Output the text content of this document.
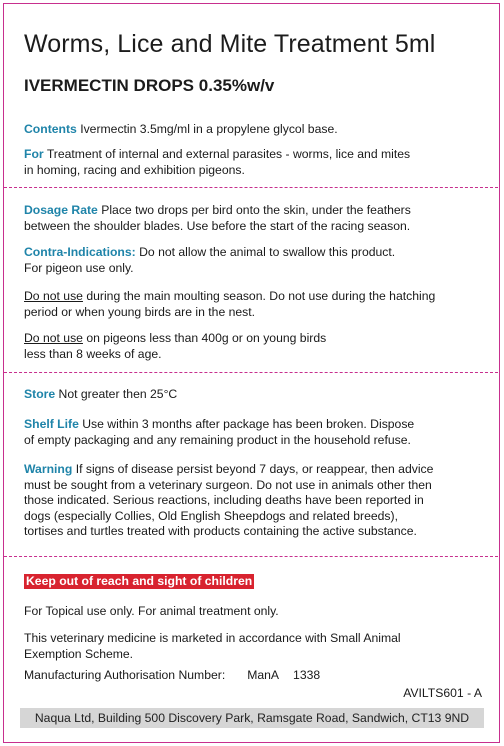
Worms, Lice and Mite Treatment 5ml
IVERMECTIN DROPS 0.35%w/v
Contents Ivermectin 3.5mg/ml in a propylene glycol base.
For Treatment of internal and external parasites - worms, lice and mites
in homing, racing and exhibition pigeons.
Dosage Rate Place two drops per bird onto the skin, under the feathers
between the shoulder blades. Use before the start of the racing season.
Contra-Indications: Do not allow the animal to swallow this product.
For pigeon use only.
Do not use during the main moulting season. Do not use during the hatching
period or when young birds are in the nest.
Do not use on pigeons less than 400g or on young birds
less than 8 weeks of age.
Store Not greater then 25°C
Shelf Life Use within 3 months after package has been broken. Dispose
of empty packaging and any remaining product in the household refuse.
Warning If signs of disease persist beyond 7 days, or reappear, then advice
must be sought from a veterinary surgeon. Do not use in animals other then
those indicated. Serious reactions, including deaths have been reported in
dogs (especially Collies, Old English Sheepdogs and related breeds),
tortises and turtles treated with products containing the active substance.
Keep out of reach and sight of children
For Topical use only. For animal treatment only.
This veterinary medicine is marketed in accordance with Small Animal
Exemption Scheme.
Manufacturing Authorisation Number: ManA 1338
AVILTS601 - A
Naqua Ltd, Building 500 Discovery Park, Ramsgate Road, Sandwich, CT13 9ND
